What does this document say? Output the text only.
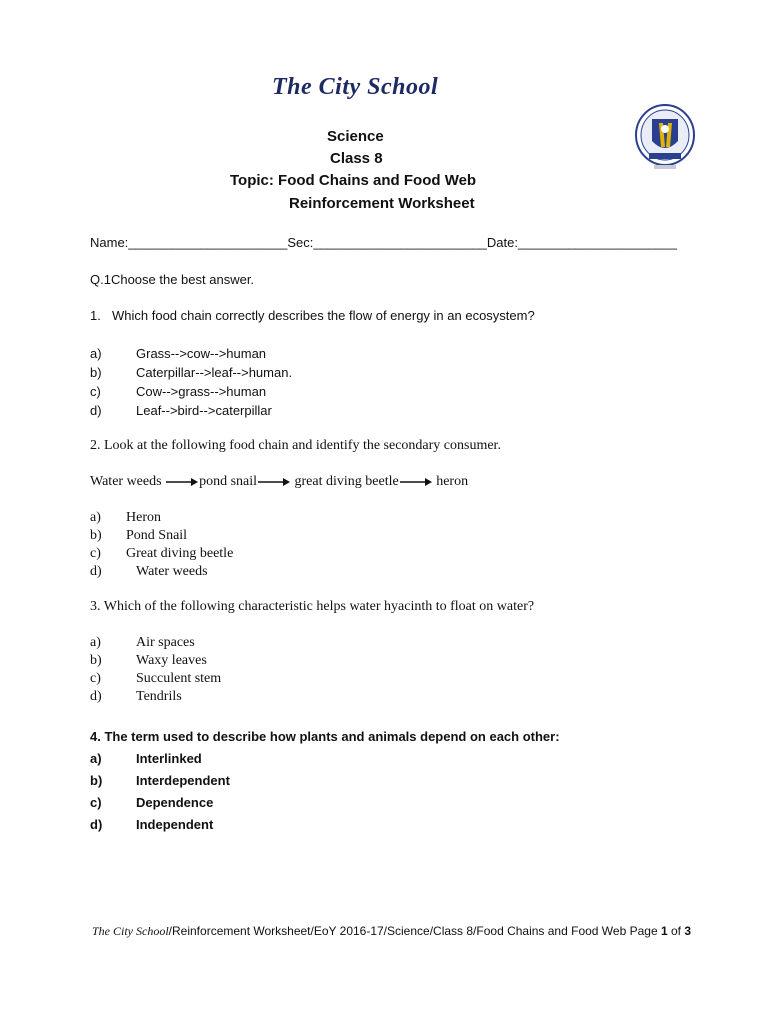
The City School
Science
Class 8
Topic: Food Chains and Food Web
Reinforcement Worksheet
Name:______________________Sec:________________________Date:______________________
Q.1Choose the best answer.
1. Which food chain correctly describes the flow of energy in an ecosystem?
a)	Grass-->cow-->human
b)	Caterpillar-->leaf-->human.
c)	Cow-->grass-->human
d)	Leaf-->bird-->caterpillar
2. Look at the following food chain and identify the secondary consumer.
Water weeds	pond snail	great diving beetle	heron
a) Heron
b) Pond Snail
c) Great diving beetle
d) Water weeds
3. Which of the following characteristic helps water hyacinth to float on water?
a)	Air spaces
b) Waxy leaves
c)	Succulent stem
d) Tendrils
4. The term used to describe how plants and animals depend on each other:
a)	Interlinked
b)	Interdependent
c)	Dependence
d)	Independent
The City School/Reinforcement Worksheet/EoY 2016-17/Science/Class 8/Food Chains and Food Web Page 1 of 3
